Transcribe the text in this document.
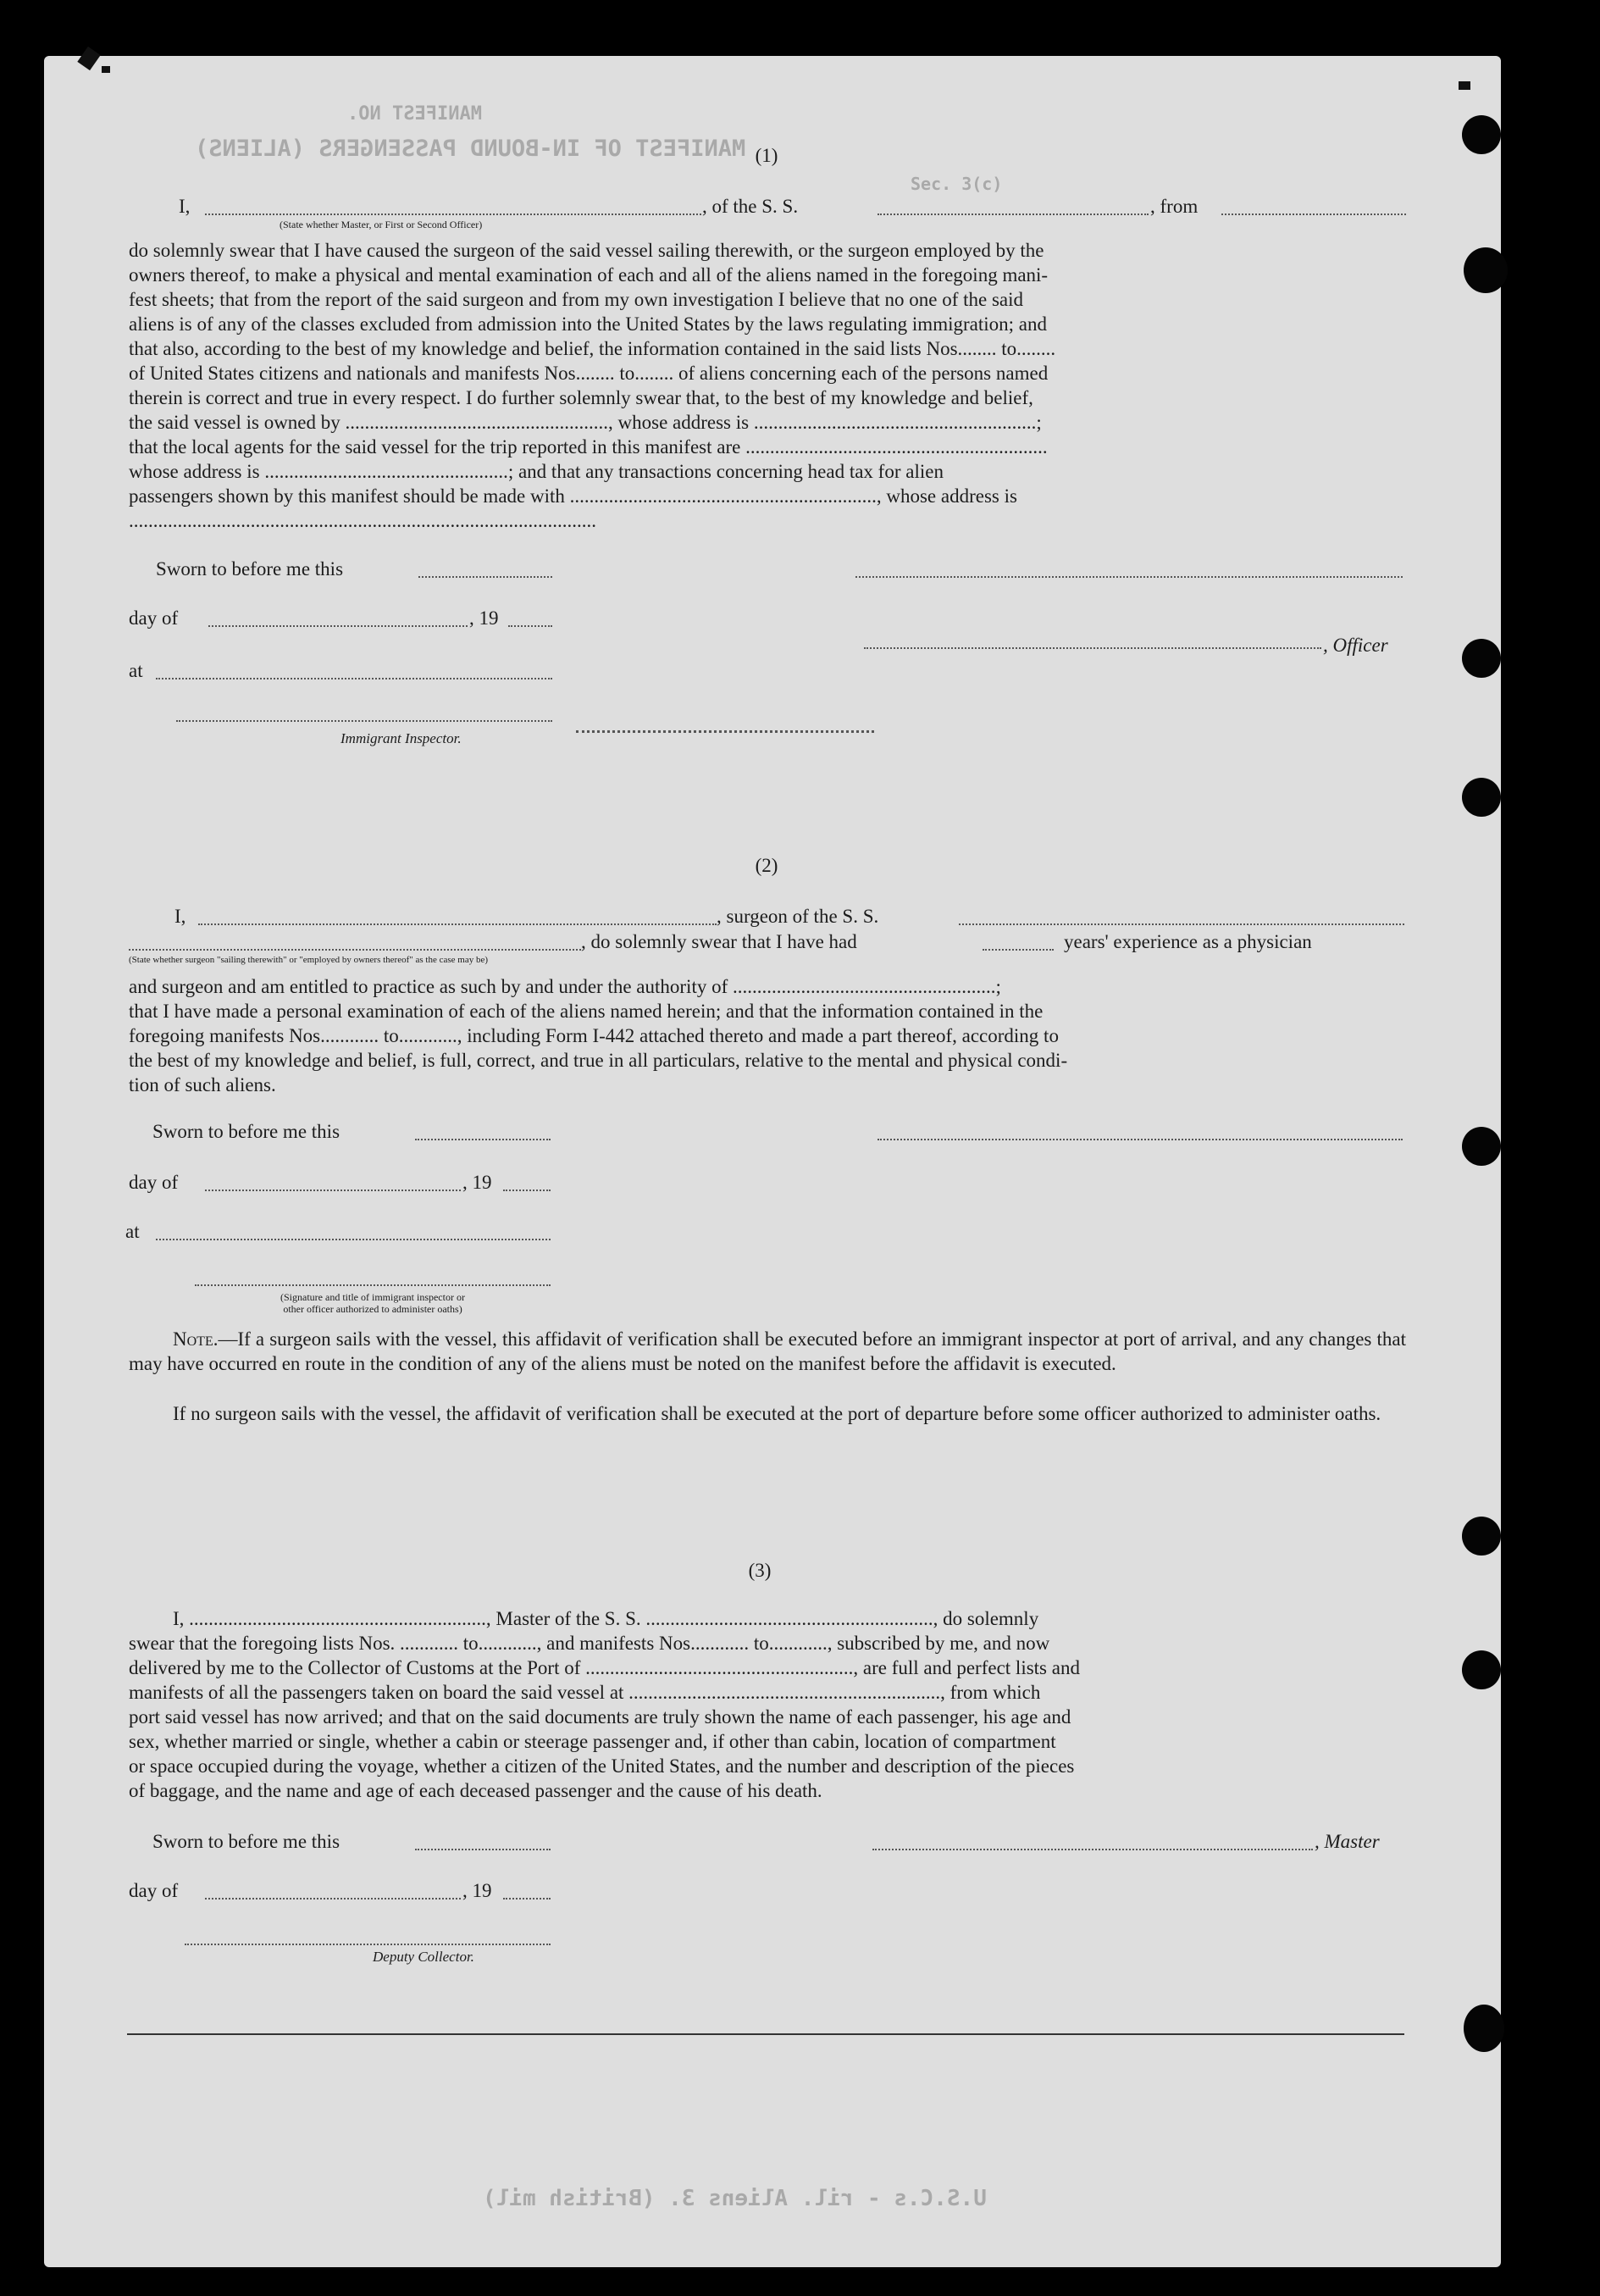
MANIFEST NO.
MANIFEST OF IN-BOUND PASSENGERS (ALIENS)
Sec. 3(c)
U.S.C.s - ril. Aliens 3. (British mil)
(1)
I,	, of the S. S.	, from
(State whether Master, or First or Second Officer)
do solemnly swear that I have caused the surgeon of the said vessel sailing therewith, or the surgeon employed by the
owners thereof, to make a physical and mental examination of each and all of the aliens named in the foregoing mani-
fest sheets; that from the report of the said surgeon and from my own investigation I believe that no one of the said
aliens is of any of the classes excluded from admission into the United States by the laws regulating immigration; and
that also, according to the best of my knowledge and belief, the information contained in the said lists Nos........ to........
of United States citizens and nationals and manifests Nos........ to........ of aliens concerning each of the persons named
therein is correct and true in every respect. I do further solemnly swear that, to the best of my knowledge and belief,
the said vessel is owned by ......................................................, whose address is ..........................................................;
that the local agents for the said vessel for the trip reported in this manifest are ..............................................................
whose address is ..................................................; and that any transactions concerning head tax for alien
passengers shown by this manifest should be made with ..............................................................., whose address is
................................................................................................
Sworn to before me this
day of	, 19
, Officer
at
Immigrant Inspector.
(2)
I,	, surgeon of the S. S.
, do solemnly swear that I have had	years' experience as a physician
(State whether surgeon "sailing therewith" or "employed by owners thereof" as the case may be)
and surgeon and am entitled to practice as such by and under the authority of ......................................................;
that I have made a personal examination of each of the aliens named herein; and that the information contained in the
foregoing manifests Nos............ to............, including Form I-442 attached thereto and made a part thereof, according to
the best of my knowledge and belief, is full, correct, and true in all particulars, relative to the mental and physical condi-
tion of such aliens.
Sworn to before me this
day of	, 19
at
(Signature and title of immigrant inspector or
other officer authorized to administer oaths)
Note.—If a surgeon sails with the vessel, this affidavit of verification shall be executed before an immigrant inspector at port of arrival, and any changes that may have occurred en route in the condition of any of the aliens must be noted on the manifest before the affidavit is executed.
If no surgeon sails with the vessel, the affidavit of verification shall be executed at the port of departure before some officer authorized to administer oaths.
(3)
I, ............................................................., Master of the S. S. ..........................................................., do solemnly
swear that the foregoing lists Nos. ............ to............, and manifests Nos............ to............, subscribed by me, and now
delivered by me to the Collector of Customs at the Port of ......................................................., are full and perfect lists and
manifests of all the passengers taken on board the said vessel at ................................................................, from which
port said vessel has now arrived; and that on the said documents are truly shown the name of each passenger, his age and
sex, whether married or single, whether a cabin or steerage passenger and, if other than cabin, location of compartment
or space occupied during the voyage, whether a citizen of the United States, and the number and description of the pieces
of baggage, and the name and age of each deceased passenger and the cause of his death.
Sworn to before me this	, Master
day of	, 19
Deputy Collector.
